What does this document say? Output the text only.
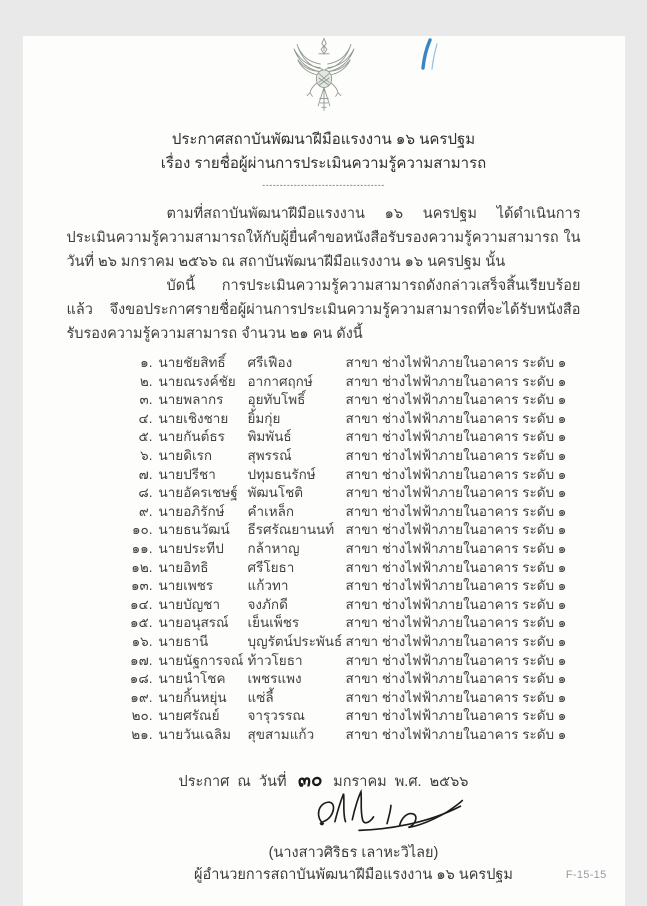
ประกาศสถาบันพัฒนาฝีมือแรงงาน ๑๖ นครปฐม
เรื่อง รายชื่อผู้ผ่านการประเมินความรู้ความสามารถ
-----------------------------------

ตามที่สถาบันพัฒนาฝีมือแรงงาน ๑๖ นครปฐม ได้ดำเนินการประเมินความรู้ความสามารถให้กับผู้ยื่นคำขอหนังสือรับรองความรู้ความสามารถ ในวันที่ ๒๖ มกราคม ๒๕๖๖ ณ สถาบันพัฒนาฝีมือแรงงาน ๑๖ นครปฐม นั้น

บัดนี้ การประเมินความรู้ความสามารถดังกล่าวเสร็จสิ้นเรียบร้อยแล้ว จึงขอประกาศรายชื่อผู้ผ่านการประเมินความรู้ความสามารถที่จะได้รับหนังสือรับรองความรู้ความสามารถ จำนวน ๒๑ คน ดังนี้

๑. นายชัยสิทธิ์	ศรีเฟือง	สาขา ช่างไฟฟ้าภายในอาคาร ระดับ ๑
๒. นายณรงค์ชัย อากาศฤกษ์	สาขา ช่างไฟฟ้าภายในอาคาร ระดับ ๑
๓. นายพลากร	อุยทับโพธิ์	สาขา ช่างไฟฟ้าภายในอาคาร ระดับ ๑
๔. นายเชิงชาย	ยิ้มกุ่ย	สาขา ช่างไฟฟ้าภายในอาคาร ระดับ ๑
๕. นายกันต์ธร	พิมพันธ์	สาขา ช่างไฟฟ้าภายในอาคาร ระดับ ๑
๖. นายดิเรก	สุพรรณ์	สาขา ช่างไฟฟ้าภายในอาคาร ระดับ ๑
๗. นายปรีชา	ปทุมธนรักษ์	สาขา ช่างไฟฟ้าภายในอาคาร ระดับ ๑
๘. นายอัครเชษฐ์ พัฒนโชติ	สาขา ช่างไฟฟ้าภายในอาคาร ระดับ ๑
๙. นายอภิรักษ์	คำเหล็ก	สาขา ช่างไฟฟ้าภายในอาคาร ระดับ ๑
๑๐. นายธนวัฒน์	ธีรศรัณยานนท์ สาขา ช่างไฟฟ้าภายในอาคาร ระดับ ๑
๑๑. นายประทีป	กล้าหาญ	สาขา ช่างไฟฟ้าภายในอาคาร ระดับ ๑
๑๒. นายอิทธิ	ศรีโยธา	สาขา ช่างไฟฟ้าภายในอาคาร ระดับ ๑
๑๓. นายเพชร	แก้วทา	สาขา ช่างไฟฟ้าภายในอาคาร ระดับ ๑
๑๔. นายบัญชา	จงภักดี	สาขา ช่างไฟฟ้าภายในอาคาร ระดับ ๑
๑๕. นายอนุสรณ์	เย็นเพ็ชร	สาขา ช่างไฟฟ้าภายในอาคาร ระดับ ๑
๑๖. นายธานี	บุญรัตน์ประพันธ์ สาขา ช่างไฟฟ้าภายในอาคาร ระดับ ๑
๑๗. นายนัฐการจณ์ ท้าวโยธา	สาขา ช่างไฟฟ้าภายในอาคาร ระดับ ๑
๑๘. นายนำโชค	เพชรแพง	สาขา ช่างไฟฟ้าภายในอาคาร ระดับ ๑
๑๙. นายกิ้นหยุ่น	แซ่ลี้	สาขา ช่างไฟฟ้าภายในอาคาร ระดับ ๑
๒๐. นายศรัณย์	จารุวรรณ	สาขา ช่างไฟฟ้าภายในอาคาร ระดับ ๑
๒๑. นายวันเฉลิม	สุขสามแก้ว	สาขา ช่างไฟฟ้าภายในอาคาร ระดับ ๑
ประกาศ ณ วันที่ ๓๐ มกราคม พ.ศ. ๒๕๖๖
(นางสาวศิริธร เลาหะวิไลย)
ผู้อำนวยการสถาบันพัฒนาฝีมือแรงงาน ๑๖ นครปฐม	F-15-15
